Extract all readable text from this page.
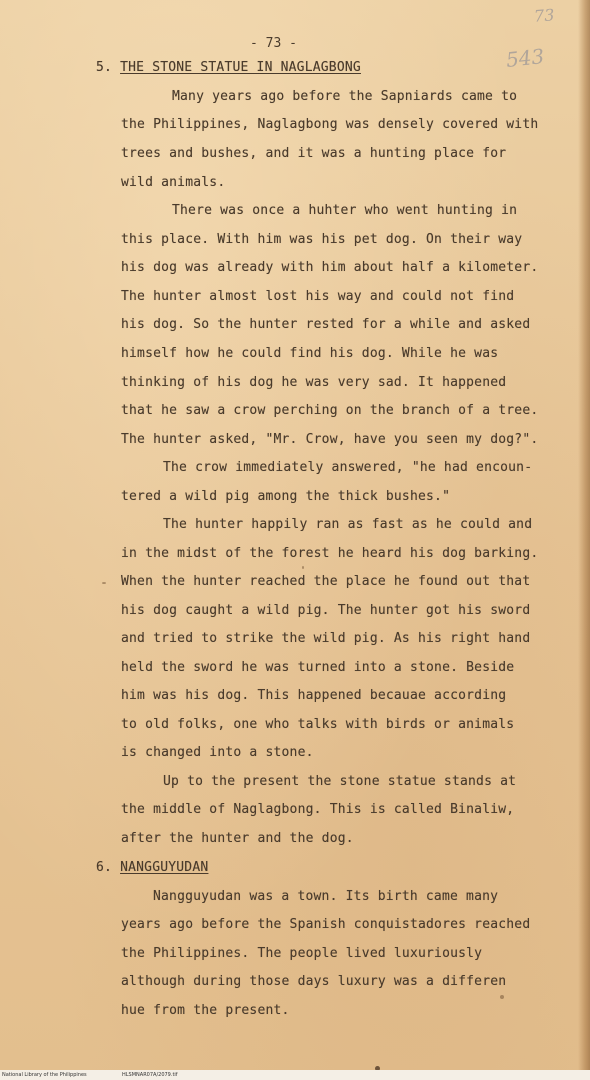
- 73 -
73
543
5. THE STONE STATUE IN NAGLAGBONG
Many years ago before the Sapniards came to
the Philippines, Naglagbong was densely covered with
trees and bushes, and it was a hunting place for
wild animals.
There was once a huhter who went hunting in
this place. With him was his pet dog. On their way
his dog was already with him about half a kilometer.
The hunter almost lost his way and could not find
his dog. So the hunter rested for a while and asked
himself how he could find his dog. While he was
thinking of his dog he was very sad. It happened
that he saw a crow perching on the branch of a tree.
The hunter asked, "Mr. Crow, have you seen my dog?".
The crow immediately answered, "he had encoun-
tered a wild pig among the thick bushes."
The hunter happily ran as fast as he could and
in the midst of the forest he heard his dog barking.
When the hunter reached the place he found out that
his dog caught a wild pig. The hunter got his sword
and tried to strike the wild pig. As his right hand
held the sword he was turned into a stone. Beside
him was his dog. This happened becauae according
to old folks, one who talks with birds or animals
is changed into a stone.
Up to the present the stone statue stands at
the middle of Naglagbong. This is called Binaliw,
after the hunter and the dog.
6. NANGGUYUDAN
Nangguyudan was a town. Its birth came many
years ago before the Spanish conquistadores reached
the Philippines. The people lived luxuriously
although during those days luxury was a differen
hue from the present.
National Library of the Philippines	HLSMNAR07A/2079.tif
